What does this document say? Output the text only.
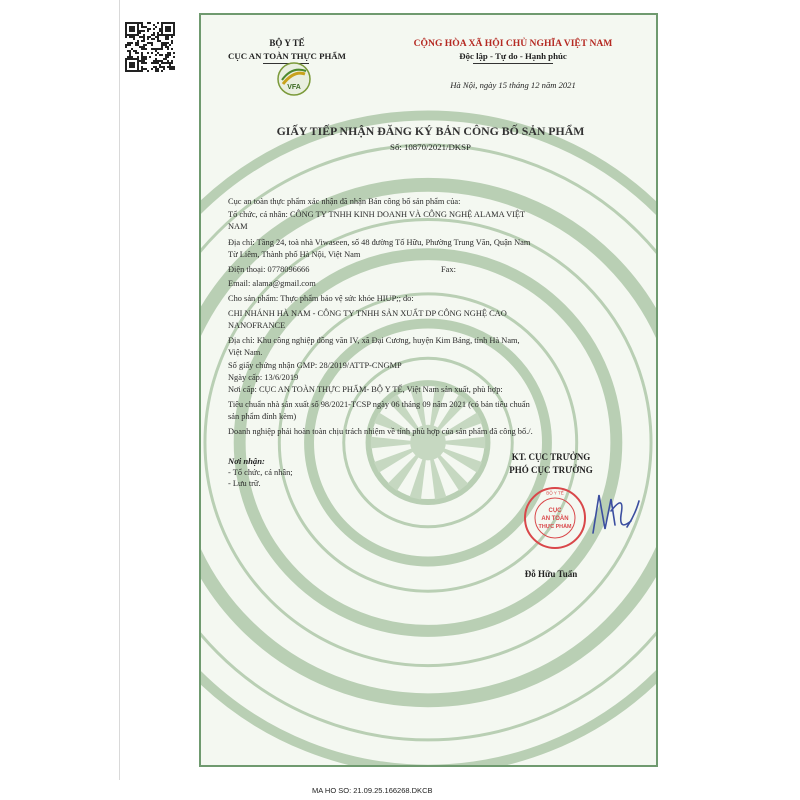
BỘ Y TẾ
CỤC AN TOÀN THỰC PHẨM
VFA
CỘNG HÒA XÃ HỘI CHỦ NGHĨA VIỆT NAM
Độc lập - Tự do - Hạnh phúc
Hà Nội, ngày 15 tháng 12 năm 2021
GIẤY TIẾP NHẬN ĐĂNG KÝ BẢN CÔNG BỐ SẢN PHẨM
Số: 10870/2021/DKSP
Cục an toàn thực phẩm xác nhận đã nhận Bản công bố sản phẩm của:
Tổ chức, cá nhân: CÔNG TY TNHH KINH DOANH VÀ CÔNG NGHỆ ALAMA VIỆT
NAM
Địa chỉ: Tầng 24, toà nhà Viwaseen, số 48 đường Tố Hữu, Phường Trung Văn, Quận Nam
Từ Liêm, Thành phố Hà Nội, Việt Nam
Điện thoại: 0778096666	Fax:
Email: alama@gmail.com
Cho sản phẩm: Thực phẩm bảo vệ sức khỏe HIUP;; do:
CHI NHÁNH HÀ NAM - CÔNG TY TNHH SẢN XUẤT DP CÔNG NGHỆ CAO
NANOFRANCE
Địa chỉ: Khu công nghiệp đồng văn IV, xã Đại Cương, huyện Kim Bảng, tỉnh Hà Nam,
Việt Nam.
Số giấy chứng nhận GMP: 28/2019/ATTP-CNGMP
Ngày cấp: 13/6/2019
Nơi cấp: CỤC AN TOÀN THỰC PHẨM- BỘ Y TẾ, Việt Nam sản xuất, phù hợp:
Tiêu chuẩn nhà sản xuất số 98/2021-TCSP ngày 06 tháng 09 năm 2021 (có bản tiêu chuẩn
sản phẩm đính kèm)
Doanh nghiệp phải hoàn toàn chịu trách nhiệm về tính phù hợp của sản phẩm đã công bố./.
Nơi nhận:
- Tổ chức, cá nhân;
- Lưu trữ.
KT. CỤC TRƯỞNG
PHÓ CỤC TRƯỞNG
BỘ Y TẾ
CỤC
AN TOÀN
THỰC PHẨM
Đỗ Hữu Tuấn
MA HO SO: 21.09.25.166268.DKCB
